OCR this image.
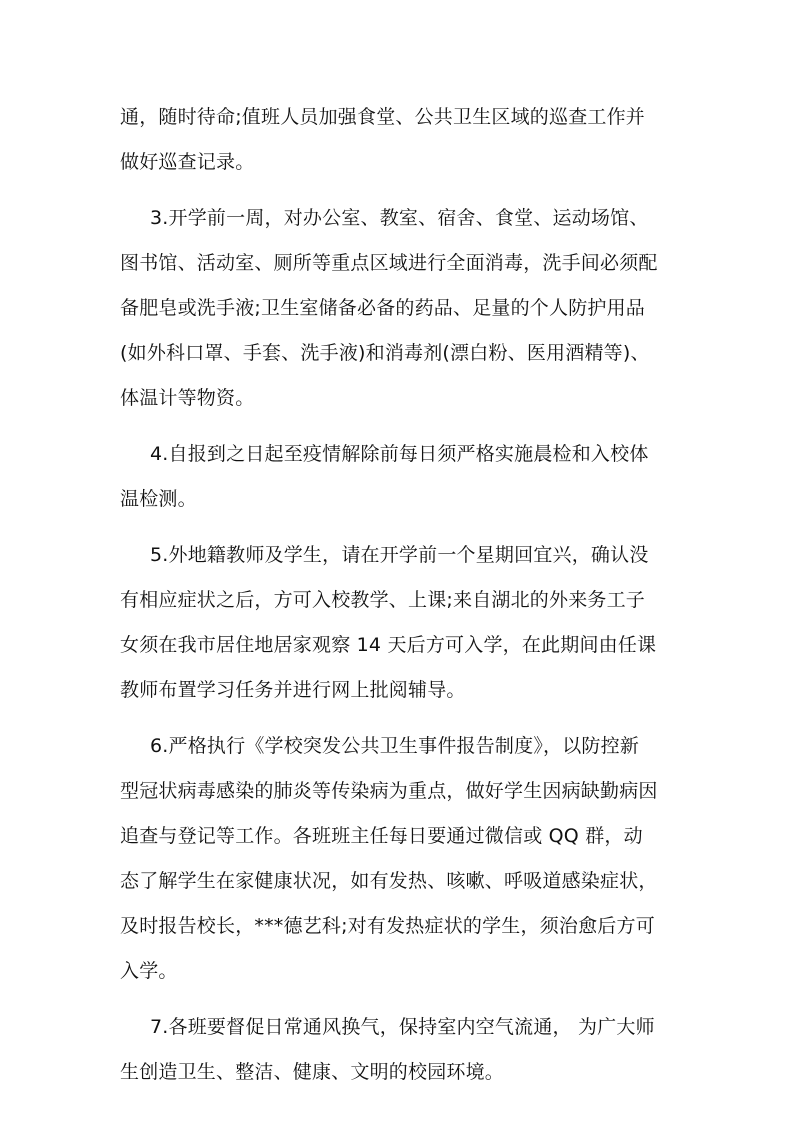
通，随时待命;值班人员加强食堂、公共卫生区域的巡查工作并
做好巡查记录。

3.开学前一周，对办公室、教室、宿舍、食堂、运动场馆、
图书馆、活动室、厕所等重点区域进行全面消毒，洗手间必须配
备肥皂或洗手液;卫生室储备必备的药品、足量的个人防护用品
(如外科口罩、手套、洗手液)和消毒剂(漂白粉、医用酒精等)、
体温计等物资。

4.自报到之日起至疫情解除前每日须严格实施晨检和入校体
温检测。

5.外地籍教师及学生，请在开学前一个星期回宜兴，确认没
有相应症状之后，方可入校教学、上课;来自湖北的外来务工子
女须在我市居住地居家观察 14 天后方可入学，在此期间由任课
教师布置学习任务并进行网上批阅辅导。

6.严格执行《学校突发公共卫生事件报告制度》，以防控新
型冠状病毒感染的肺炎等传染病为重点，做好学生因病缺勤病因
追查与登记等工作。各班班主任每日要通过微信或 QQ 群，动
态了解学生在家健康状况，如有发热、咳嗽、呼吸道感染症状，
及时报告校长，***德艺科;对有发热症状的学生，须治愈后方可
入学。

7.各班要督促日常通风换气，保持室内空气流通， 为广大师
生创造卫生、整洁、健康、文明的校园环境。
